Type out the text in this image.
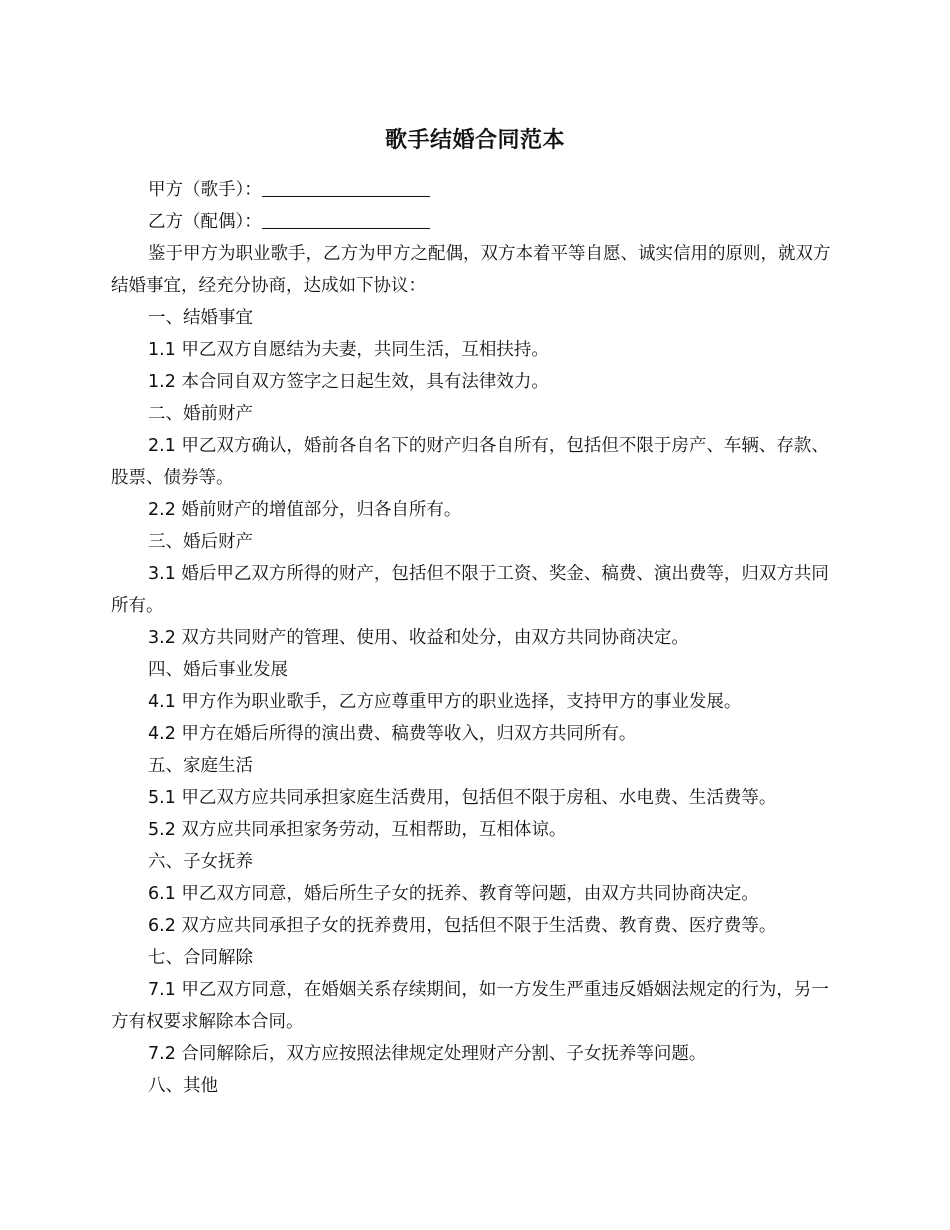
歌手结婚合同范本

甲方（歌手）：

乙方（配偶）：

鉴于甲方为职业歌手，乙方为甲方之配偶，双方本着平等自愿、诚实信用的原则，就双方结婚事宜，经充分协商，达成如下协议：

一、结婚事宜

1.1 甲乙双方自愿结为夫妻，共同生活，互相扶持。

1.2 本合同自双方签字之日起生效，具有法律效力。

二、婚前财产

2.1 甲乙双方确认，婚前各自名下的财产归各自所有，包括但不限于房产、车辆、存款、股票、债券等。

2.2 婚前财产的增值部分，归各自所有。

三、婚后财产

3.1 婚后甲乙双方所得的财产，包括但不限于工资、奖金、稿费、演出费等，归双方共同所有。

3.2 双方共同财产的管理、使用、收益和处分，由双方共同协商决定。

四、婚后事业发展

4.1 甲方作为职业歌手，乙方应尊重甲方的职业选择，支持甲方的事业发展。

4.2 甲方在婚后所得的演出费、稿费等收入，归双方共同所有。

五、家庭生活

5.1 甲乙双方应共同承担家庭生活费用，包括但不限于房租、水电费、生活费等。

5.2 双方应共同承担家务劳动，互相帮助，互相体谅。

六、子女抚养

6.1 甲乙双方同意，婚后所生子女的抚养、教育等问题，由双方共同协商决定。

6.2 双方应共同承担子女的抚养费用，包括但不限于生活费、教育费、医疗费等。

七、合同解除

7.1 甲乙双方同意，在婚姻关系存续期间，如一方发生严重违反婚姻法规定的行为，另一方有权要求解除本合同。

7.2 合同解除后，双方应按照法律规定处理财产分割、子女抚养等问题。

八、其他
